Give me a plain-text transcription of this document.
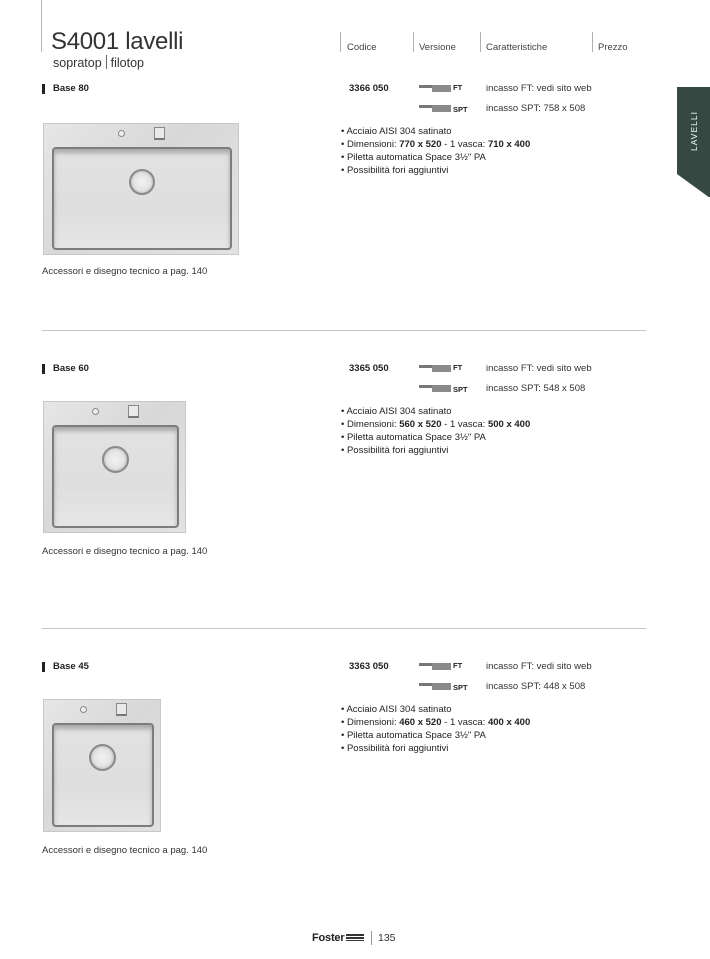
S4001 lavelli
sopratop filotop
Codice	Versione	Caratteristiche	Prezzo
LAVELLI
Base 80	3366 050	FT	incasso FT: vedi sito web
SPT incasso SPT: 758 x 508
• Acciaio AISI 304 satinato
• Dimensioni: 770 x 520 - 1 vasca: 710 x 400
• Piletta automatica Space 3½" PA
• Possibilità fori aggiuntivi
Accessori e disegno tecnico a pag. 140
Base 60	3365 050	FT	incasso FT: vedi sito web
SPT incasso SPT: 548 x 508
• Acciaio AISI 304 satinato
• Dimensioni: 560 x 520 - 1 vasca: 500 x 400
• Piletta automatica Space 3½" PA
• Possibilità fori aggiuntivi
Accessori e disegno tecnico a pag. 140
Base 45	3363 050	FT	incasso FT: vedi sito web
SPT incasso SPT: 448 x 508
• Acciaio AISI 304 satinato
• Dimensioni: 460 x 520 - 1 vasca: 400 x 400
• Piletta automatica Space 3½" PA
• Possibilità fori aggiuntivi
Accessori e disegno tecnico a pag. 140
Foster	135
